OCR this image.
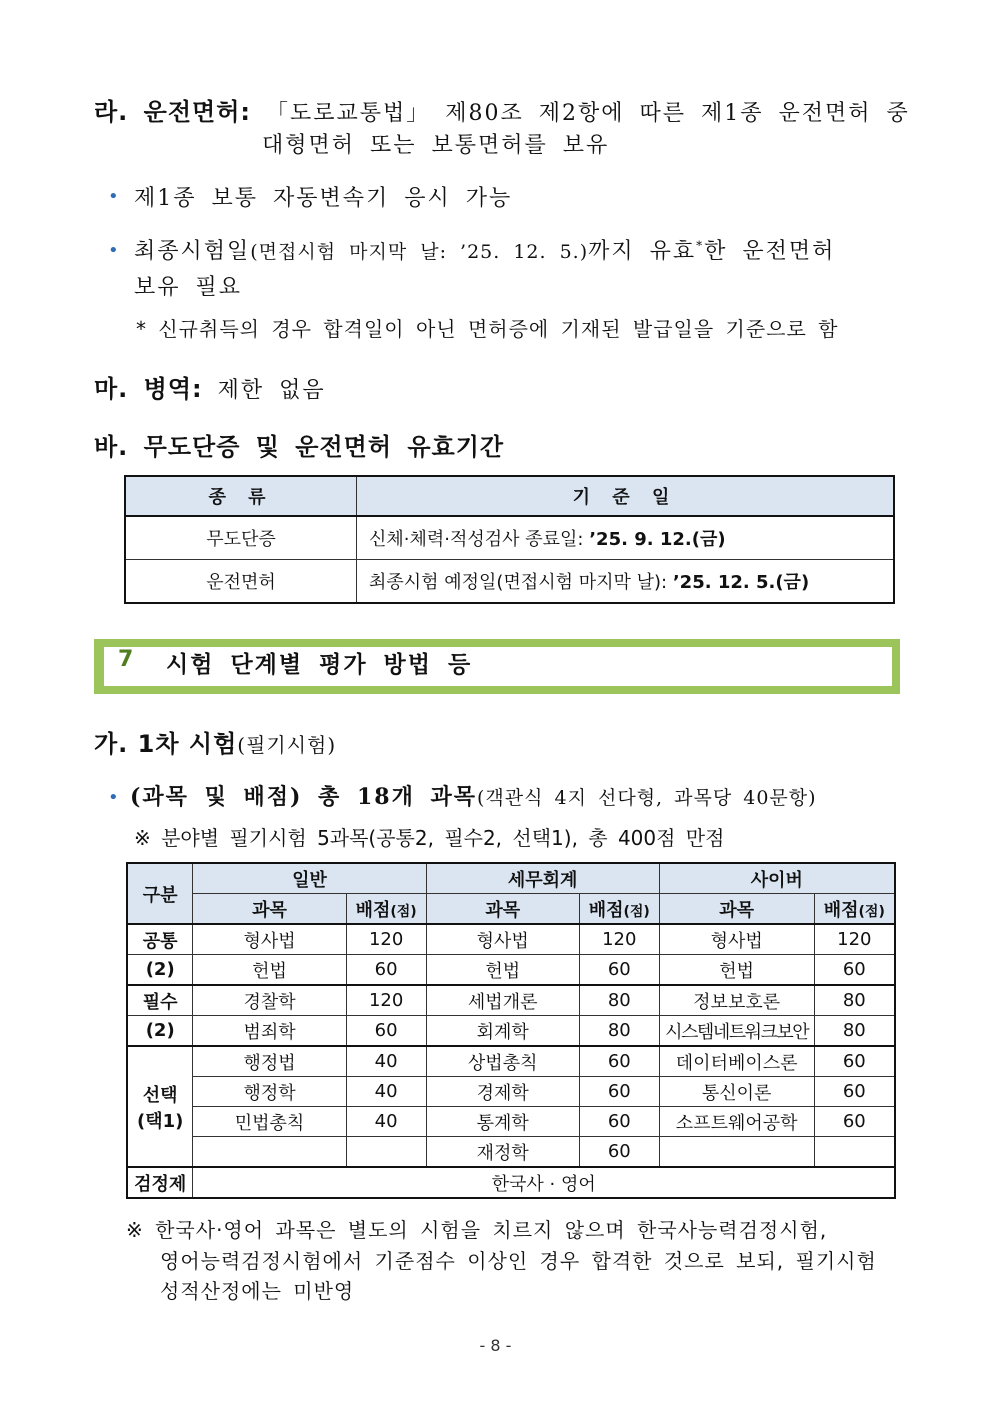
라. 운전면허: 「도로교통법」 제80조 제2항에 따른 제1종 운전면허 중
대형면허 또는 보통면허를 보유
• 제1종 보통 자동변속기 응시 가능
• 최종시험일(면접시험 마지막 날: ’25. 12. 5.)까지 유효*한 운전면허
보유 필요
* 신규취득의 경우 합격일이 아닌 면허증에 기재된 발급일을 기준으로 함
마. 병역: 제한 없음
바. 무도단증 및 운전면허 유효기간
종 류	기 준 일
무도단증	신체·체력·적성검사 종료일: ’25. 9. 12.(금)
운전면허	최종시험 예정일(면접시험 마지막 날): ’25. 12. 5.(금)
7 시험 단계별 평가 방법 등
가. 1차 시험(필기시험)
• (과목 및 배점) 총 18개 과목(객관식 4지 선다형, 과목당 40문항)
※ 분야별 필기시험 5과목(공통2, 필수2, 선택1), 총 400점 만점
구분	일반		세무회계		사이버	
	과목	배점(점)	과목	배점(점)	과목	배점(점)
공통	형사법	120	형사법	120	형사법	120
(2)	헌법	60	헌법	60	헌법	60
필수	경찰학	120	세법개론	80	정보보호론	80
(2)	범죄학	60	회계학	80	시스템네트워크보안	80

선택
(택1)	행정법	40	상법총칙	60	데이터베이스론	60
	행정학	40	경제학	60	통신이론	60
	민법총칙	40	통계학	60	소프트웨어공학	60
			재정학	60		
검정제	한국사 · 영어					
※ 한국사·영어 과목은 별도의 시험을 치르지 않으며 한국사능력검정시험,
영어능력검정시험에서 기준점수 이상인 경우 합격한 것으로 보되, 필기시험
성적산정에는 미반영
- 8 -
